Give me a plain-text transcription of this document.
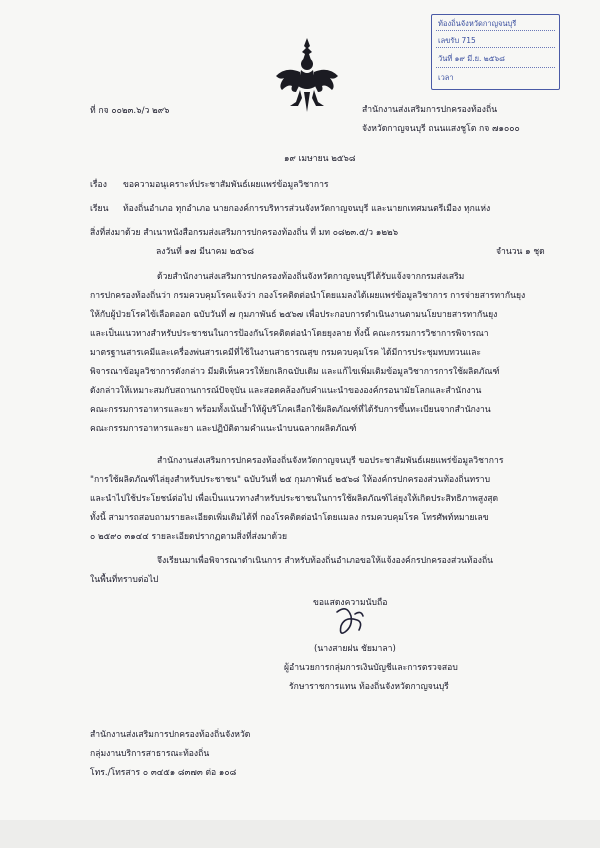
ท้องถิ่นจังหวัดกาญจนบุรี
เลขรับ 715
วันที่ ๑๙ มี.ย. ๒๕๖๘
เวลา
ที่ กจ ๐๐๒๓.๖/ว ๒๙๖	สำนักงานส่งเสริมการปกครองท้องถิ่น
จังหวัดกาญจนบุรี ถนนแสงชูโต กจ ๗๑๐๐๐
๑๙ เมษายน ๒๕๖๘
เรื่อง ขอความอนุเคราะห์ประชาสัมพันธ์เผยแพร่ข้อมูลวิชาการ
เรียน ท้องถิ่นอำเภอ ทุกอำเภอ นายกองค์การบริหารส่วนจังหวัดกาญจนบุรี และนายกเทศมนตรีเมือง ทุกแห่ง
สิ่งที่ส่งมาด้วย สำเนาหนังสือกรมส่งเสริมการปกครองท้องถิ่น ที่ มท ๐๘๒๓.๕/ว ๑๒๒๖
ลงวันที่ ๑๗ มีนาคม ๒๕๖๘	จำนวน ๑ ชุด
ด้วยสำนักงานส่งเสริมการปกครองท้องถิ่นจังหวัดกาญจนบุรีได้รับแจ้งจากกรมส่งเสริม
การปกครองท้องถิ่นว่า กรมควบคุมโรคแจ้งว่า กองโรคติดต่อนำโดยแมลงได้เผยแพร่ข้อมูลวิชาการ การจ่ายสารทากันยุง
ให้กับผู้ป่วยโรคไข้เลือดออก ฉบับวันที่ ๗ กุมภาพันธ์ ๒๕๖๗ เพื่อประกอบการดำเนินงานตามนโยบายสารทากันยุง
และเป็นแนวทางสำหรับประชาชนในการป้องกันโรคติดต่อนำโดยยุงลาย ทั้งนี้ คณะกรรมการวิชาการพิจารณา
มาตรฐานสารเคมีและเครื่องพ่นสารเคมีที่ใช้ในงานสาธารณสุข กรมควบคุมโรค ได้มีการประชุมทบทวนและ
พิจารณาข้อมูลวิชาการดังกล่าว มีมติเห็นควรให้ยกเลิกฉบับเดิม และแก้ไขเพิ่มเติมข้อมูลวิชาการการใช้ผลิตภัณฑ์
ดังกล่าวให้เหมาะสมกับสถานการณ์ปัจจุบัน และสอดคล้องกับคำแนะนำขององค์กรอนามัยโลกและสำนักงาน
คณะกรรมการอาหารและยา พร้อมทั้งเน้นย้ำให้ผู้บริโภคเลือกใช้ผลิตภัณฑ์ที่ได้รับการขึ้นทะเบียนจากสำนักงาน
คณะกรรมการอาหารและยา และปฏิบัติตามคำแนะนำบนฉลากผลิตภัณฑ์
สำนักงานส่งเสริมการปกครองท้องถิ่นจังหวัดกาญจนบุรี ขอประชาสัมพันธ์เผยแพร่ข้อมูลวิชาการ
"การใช้ผลิตภัณฑ์ไล่ยุงสำหรับประชาชน" ฉบับวันที่ ๒๕ กุมภาพันธ์ ๒๕๖๘ ให้องค์กรปกครองส่วนท้องถิ่นทราบ
และนำไปใช้ประโยชน์ต่อไป เพื่อเป็นแนวทางสำหรับประชาชนในการใช้ผลิตภัณฑ์ไล่ยุงให้เกิดประสิทธิภาพสูงสุด
ทั้งนี้ สามารถสอบถามรายละเอียดเพิ่มเติมได้ที่ กองโรคติดต่อนำโดยแมลง กรมควบคุมโรค โทรศัพท์หมายเลข
๐ ๒๕๙๐ ๓๑๔๔ รายละเอียดปรากฏตามสิ่งที่ส่งมาด้วย
จึงเรียนมาเพื่อพิจารณาดำเนินการ สำหรับท้องถิ่นอำเภอขอให้แจ้งองค์กรปกครองส่วนท้องถิ่น
ในพื้นที่ทราบต่อไป
ขอแสดงความนับถือ
(นางสายฝน ชัยมาลา)
ผู้อำนวยการกลุ่มการเงินบัญชีและการตรวจสอบ
รักษาราชการแทน ท้องถิ่นจังหวัดกาญจนบุรี
สำนักงานส่งเสริมการปกครองท้องถิ่นจังหวัด
กลุ่มงานบริการสาธารณะท้องถิ่น
โทร./โทรสาร ๐ ๓๔๕๑ ๘๓๗๓ ต่อ ๑๐๘
